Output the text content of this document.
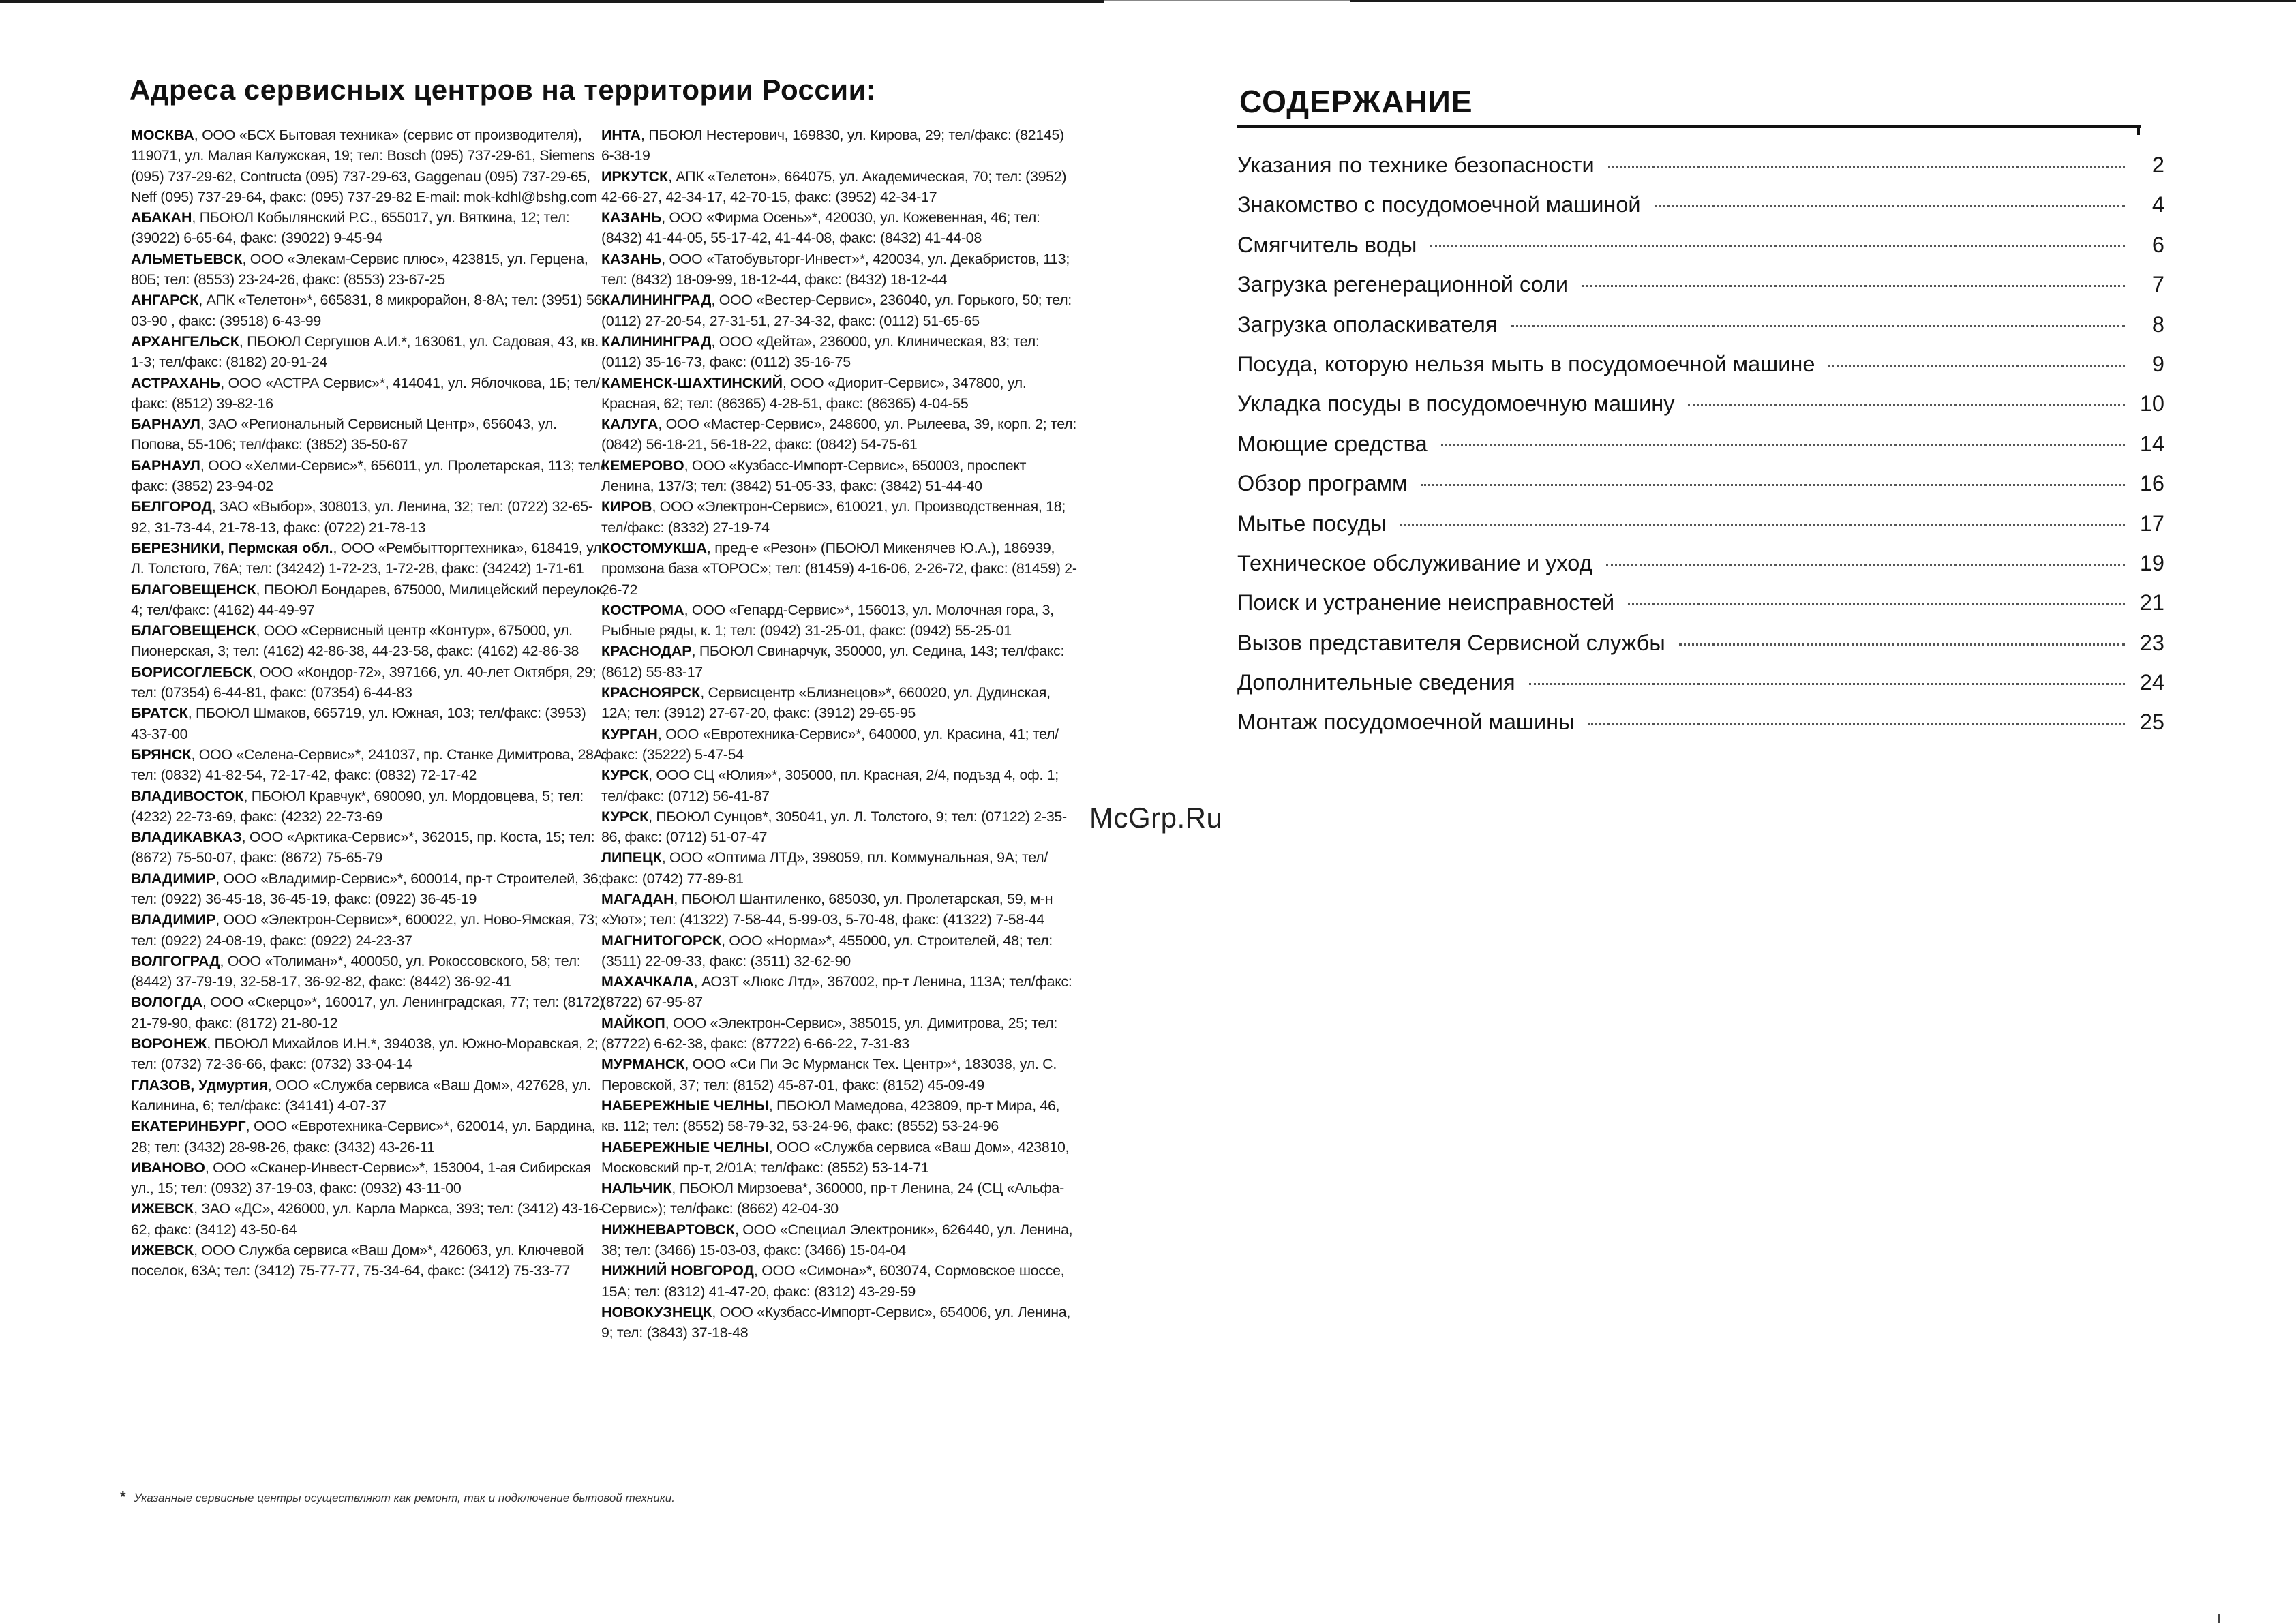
Адреса сервисных центров на территории России:

МОСКВА, ООО «БСХ Бытовая техника» (сервис от производителя), 119071, ул. Малая Калужская, 19; тел: Bosch (095) 737-29-61, Siemens (095) 737-29-62, Contructa (095) 737-29-63, Gaggenau (095) 737-29-65, Neff (095) 737-29-64, факс: (095) 737-29-82 E-mail: mok-kdhl@bshg.com

АБАКАН, ПБОЮЛ Кобылянский Р.С., 655017, ул. Вяткина, 12; тел: (39022) 6-65-64, факс: (39022) 9-45-94

АЛЬМЕТЬЕВСК, ООО «Элекам-Сервис плюс», 423815, ул. Герцена, 80Б; тел: (8553) 23-24-26, факс: (8553) 23-67-25

АНГАРСК, АПК «Телетон»*, 665831, 8 микрорайон, 8-8А; тел: (3951) 56-03-90 , факс: (39518) 6-43-99

АРХАНГЕЛЬСК, ПБОЮЛ Сергушов А.И.*, 163061, ул. Садовая, 43, кв. 1-3; тел/факс: (8182) 20-91-24

АСТРАХАНЬ, ООО «АСТРА Сервис»*, 414041, ул. Яблочкова, 1Б; тел/факс: (8512) 39-82-16

БАРНАУЛ, ЗАО «Региональный Сервисный Центр», 656043, ул. Попова, 55-106; тел/факс: (3852) 35-50-67

БАРНАУЛ, ООО «Хелми-Сервис»*, 656011, ул. Пролетарская, 113; тел/факс: (3852) 23-94-02

БЕЛГОРОД, ЗАО «Выбор», 308013, ул. Ленина, 32; тел: (0722) 32-65-92, 31-73-44, 21-78-13, факс: (0722) 21-78-13

БЕРЕЗНИКИ, Пермская обл., ООО «Рембытторгтехника», 618419, ул. Л. Толстого, 76А; тел: (34242) 1-72-23, 1-72-28, факс: (34242) 1-71-61

БЛАГОВЕЩЕНСК, ПБОЮЛ Бондарев, 675000, Милицейский переулок, 4; тел/факс: (4162) 44-49-97

БЛАГОВЕЩЕНСК, ООО «Сервисный центр «Контур», 675000, ул. Пионерская, 3; тел: (4162) 42-86-38, 44-23-58, факс: (4162) 42-86-38

БОРИСОГЛЕБСК, ООО «Кондор-72», 397166, ул. 40-лет Октября, 29; тел: (07354) 6-44-81, факс: (07354) 6-44-83

БРАТСК, ПБОЮЛ Шмаков, 665719, ул. Южная, 103; тел/факс: (3953) 43-37-00

БРЯНСК, ООО «Селена-Сервис»*, 241037, пр. Станке Димитрова, 28А; тел: (0832) 41-82-54, 72-17-42, факс: (0832) 72-17-42

ВЛАДИВОСТОК, ПБОЮЛ Кравчук*, 690090, ул. Мордовцева, 5; тел: (4232) 22-73-69, факс: (4232) 22-73-69

ВЛАДИКАВКАЗ, ООО «Арктика-Сервис»*, 362015, пр. Коста, 15; тел: (8672) 75-50-07, факс: (8672) 75-65-79

ВЛАДИМИР, ООО «Владимир-Сервис»*, 600014, пр-т Строителей, 36; тел: (0922) 36-45-18, 36-45-19, факс: (0922) 36-45-19

ВЛАДИМИР, ООО «Электрон-Сервис»*, 600022, ул. Ново-Ямская, 73; тел: (0922) 24-08-19, факс: (0922) 24-23-37

ВОЛГОГРАД, ООО «Толиман»*, 400050, ул. Рокоссовского, 58; тел: (8442) 37-79-19, 32-58-17, 36-92-82, факс: (8442) 36-92-41

ВОЛОГДА, ООО «Скерцо»*, 160017, ул. Ленинградская, 77; тел: (8172) 21-79-90, факс: (8172) 21-80-12

ВОРОНЕЖ, ПБОЮЛ Михайлов И.Н.*, 394038, ул. Южно-Моравская, 2; тел: (0732) 72-36-66, факс: (0732) 33-04-14

ГЛАЗОВ, Удмуртия, ООО «Служба сервиса «Ваш Дом», 427628, ул. Калинина, 6; тел/факс: (34141) 4-07-37

ЕКАТЕРИНБУРГ, ООО «Евротехника-Сервис»*, 620014, ул. Бардина, 28; тел: (3432) 28-98-26, факс: (3432) 43-26-11

ИВАНОВО, ООО «Сканер-Инвест-Сервис»*, 153004, 1-ая Сибирская ул., 15; тел: (0932) 37-19-03, факс: (0932) 43-11-00

ИЖЕВСК, ЗАО «ДС», 426000, ул. Карла Маркса, 393; тел: (3412) 43-16-62, факс: (3412) 43-50-64

ИЖЕВСК, ООО Служба сервиса «Ваш Дом»*, 426063, ул. Ключевой поселок, 63А; тел: (3412) 75-77-77, 75-34-64, факс: (3412) 75-33-77

ИНТА, ПБОЮЛ Нестерович, 169830, ул. Кирова, 29; тел/факс: (82145) 6-38-19

ИРКУТСК, АПК «Телетон», 664075, ул. Академическая, 70; тел: (3952) 42-66-27, 42-34-17, 42-70-15, факс: (3952) 42-34-17

КАЗАНЬ, ООО «Фирма Осень»*, 420030, ул. Кожевенная, 46; тел: (8432) 41-44-05, 55-17-42, 41-44-08, факс: (8432) 41-44-08

КАЗАНЬ, ООО «Татобувьторг-Инвест»*, 420034, ул. Декабристов, 113; тел: (8432) 18-09-99, 18-12-44, факс: (8432) 18-12-44

КАЛИНИНГРАД, ООО «Вестер-Сервис», 236040, ул. Горького, 50; тел: (0112) 27-20-54, 27-31-51, 27-34-32, факс: (0112) 51-65-65

КАЛИНИНГРАД, ООО «Дейта», 236000, ул. Клиническая, 83; тел: (0112) 35-16-73, факс: (0112) 35-16-75

КАМЕНСК-ШАХТИНСКИЙ, ООО «Диорит-Сервис», 347800, ул. Красная, 62; тел: (86365) 4-28-51, факс: (86365) 4-04-55

КАЛУГА, ООО «Мастер-Сервис», 248600, ул. Рылеева, 39, корп. 2; тел: (0842) 56-18-21, 56-18-22, факс: (0842) 54-75-61

КЕМЕРОВО, ООО «Кузбасс-Импорт-Сервис», 650003, проспект Ленина, 137/3; тел: (3842) 51-05-33, факс: (3842) 51-44-40

КИРОВ, ООО «Электрон-Сервис», 610021, ул. Производственная, 18; тел/факс: (8332) 27-19-74

КОСТОМУКША, пред-е «Резон» (ПБОЮЛ Микенячев Ю.А.), 186939, промзона база «ТОРОС»; тел: (81459) 4-16-06, 2-26-72, факс: (81459) 2-26-72

КОСТРОМА, ООО «Гепард-Сервис»*, 156013, ул. Молочная гора, 3, Рыбные ряды, к. 1; тел: (0942) 31-25-01, факс: (0942) 55-25-01

КРАСНОДАР, ПБОЮЛ Свинарчук, 350000, ул. Седина, 143; тел/факс: (8612) 55-83-17

КРАСНОЯРСК, Сервисцентр «Близнецов»*, 660020, ул. Дудинская, 12А; тел: (3912) 27-67-20, факс: (3912) 29-65-95

КУРГАН, ООО «Евротехника-Сервис»*, 640000, ул. Красина, 41; тел/факс: (35222) 5-47-54

КУРСК, ООО СЦ «Юлия»*, 305000, пл. Красная, 2/4, подъзд 4, оф. 1; тел/факс: (0712) 56-41-87

КУРСК, ПБОЮЛ Сунцов*, 305041, ул. Л. Толстого, 9; тел: (07122) 2-35-86, факс: (0712) 51-07-47

ЛИПЕЦК, ООО «Оптима ЛТД», 398059, пл. Коммунальная, 9А; тел/факс: (0742) 77-89-81

МАГАДАН, ПБОЮЛ Шантиленко, 685030, ул. Пролетарская, 59, м-н «Уют»; тел: (41322) 7-58-44, 5-99-03, 5-70-48, факс: (41322) 7-58-44

МАГНИТОГОРСК, ООО «Норма»*, 455000, ул. Строителей, 48; тел: (3511) 22-09-33, факс: (3511) 32-62-90

МАХАЧКАЛА, АОЗТ «Люкс Лтд», 367002, пр-т Ленина, 113А; тел/факс: (8722) 67-95-87

МАЙКОП, ООО «Электрон-Сервис», 385015, ул. Димитрова, 25; тел: (87722) 6-62-38, факс: (87722) 6-66-22, 7-31-83

МУРМАНСК, ООО «Си Пи Эс Мурманск Тех. Центр»*, 183038, ул. С. Перовской, 37; тел: (8152) 45-87-01, факс: (8152) 45-09-49

НАБЕРЕЖНЫЕ ЧЕЛНЫ, ПБОЮЛ Мамедова, 423809, пр-т Мира, 46, кв. 112; тел: (8552) 58-79-32, 53-24-96, факс: (8552) 53-24-96

НАБЕРЕЖНЫЕ ЧЕЛНЫ, ООО «Служба сервиса «Ваш Дом», 423810, Московский пр-т, 2/01А; тел/факс: (8552) 53-14-71

НАЛЬЧИК, ПБОЮЛ Мирзоева*, 360000, пр-т Ленина, 24 (СЦ «Альфа-Сервис»); тел/факс: (8662) 42-04-30

НИЖНЕВАРТОВСК, ООО «Специал Электроник», 626440, ул. Ленина, 38; тел: (3466) 15-03-03, факс: (3466) 15-04-04

НИЖНИЙ НОВГОРОД, ООО «Симона»*, 603074, Сормовское шоссе, 15А; тел: (8312) 41-47-20, факс: (8312) 43-29-59

НОВОКУЗНЕЦК, ООО «Кузбасс-Импорт-Сервис», 654006, ул. Ленина, 9; тел: (3843) 37-18-48

* Указанные сервисные центры осуществляют как ремонт, так и подключение бытовой техники.
СОДЕРЖАНИЕ
Указания по технике безопасности	2
Знакомство с посудомоечной машиной	4
Смягчитель воды	6
Загрузка регенерационной соли	7
Загрузка ополаскивателя	8
Посуда, которую нельзя мыть в посудомоечной машине	9
Укладка посуды в посудомоечную машину	10
Моющие средства	14
Обзор программ	16
Мытье посуды	17
Техническое обслуживание и уход	19
Поиск и устранение неисправностей	21
Вызов представителя Сервисной службы	23
Дополнительные сведения	24
Монтаж посудомоечной машины	25
McGrp.Ru
